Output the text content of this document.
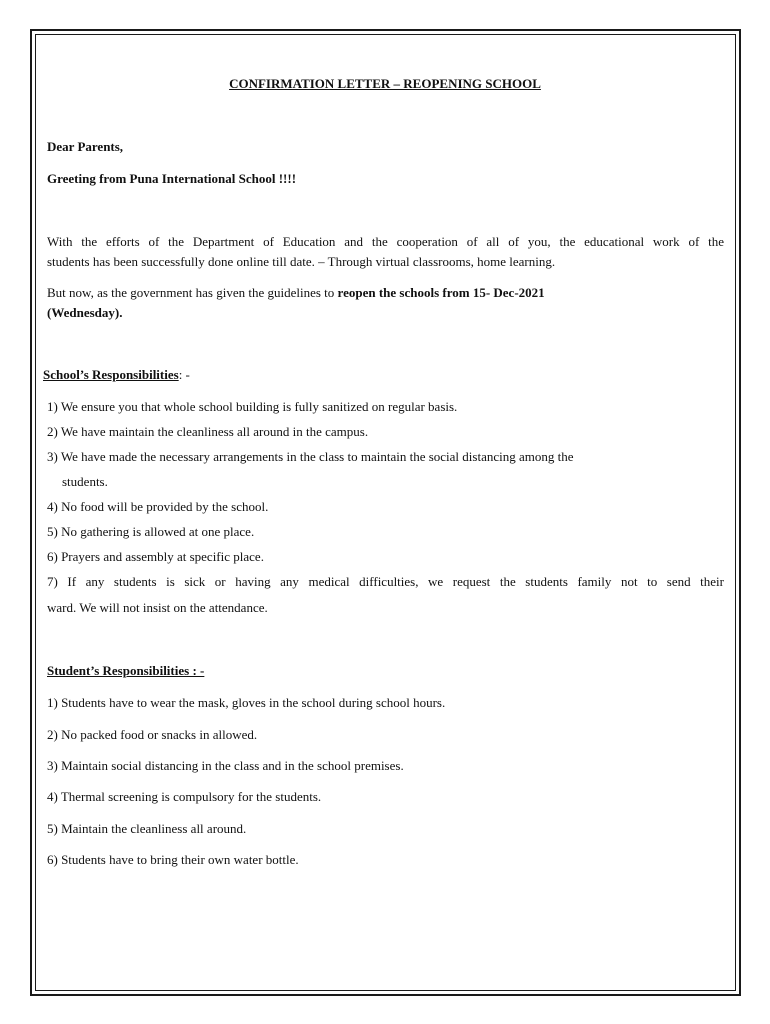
CONFIRMATION LETTER – REOPENING SCHOOL

Dear Parents,

Greeting from Puna International School !!!!

With the efforts of the Department of Education and the cooperation of all of you, the educational work of the

students has been successfully done online till date. – Through virtual classrooms, home learning.

But now, as the government has given the guidelines to reopen the schools from 15- Dec-2021

(Wednesday).

School’s Responsibilities: -

1) We ensure you that whole school building is fully sanitized on regular basis.

2) We have maintain the cleanliness all around in the campus.

3) We have made the necessary arrangements in the class to maintain the social distancing among the

students.

4) No food will be provided by the school.

5) No gathering is allowed at one place.

6) Prayers and assembly at specific place.

7) If any students is sick or having any medical difficulties, we request the students family not to send their

ward. We will not insist on the attendance.

Student’s Responsibilities : -

1) Students have to wear the mask, gloves in the school during school hours.

2) No packed food or snacks in allowed.

3) Maintain social distancing in the class and in the school premises.

4) Thermal screening is compulsory for the students.

5) Maintain the cleanliness all around.

6) Students have to bring their own water bottle.
